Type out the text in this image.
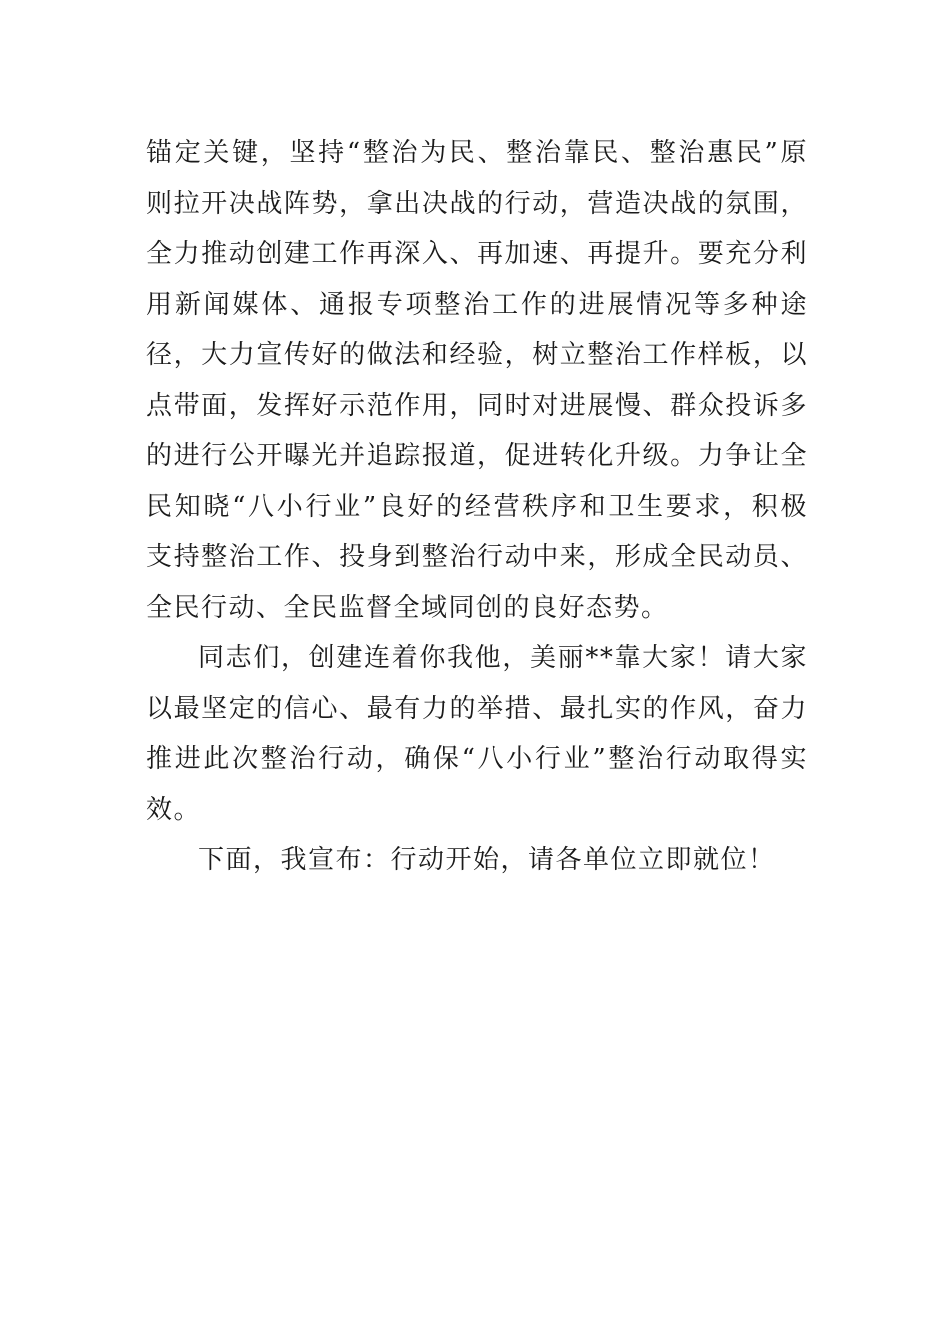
锚定关键，坚持“整治为民、整治靠民、整治惠民”原则拉开决战阵势，拿出决战的行动，营造决战的氛围，全力推动创建工作再深入、再加速、再提升。要充分利用新闻媒体、通报专项整治工作的进展情况等多种途径，大力宣传好的做法和经验，树立整治工作样板，以点带面，发挥好示范作用，同时对进展慢、群众投诉多的进行公开曝光并追踪报道，促进转化升级。力争让全民知晓“八小行业”良好的经营秩序和卫生要求，积极支持整治工作、投身到整治行动中来，形成全民动员、全民行动、全民监督全域同创的良好态势。

同志们，创建连着你我他，美丽**靠大家！请大家以最坚定的信心、最有力的举措、最扎实的作风，奋力推进此次整治行动，确保“八小行业”整治行动取得实效。

下面，我宣布：行动开始，请各单位立即就位！
